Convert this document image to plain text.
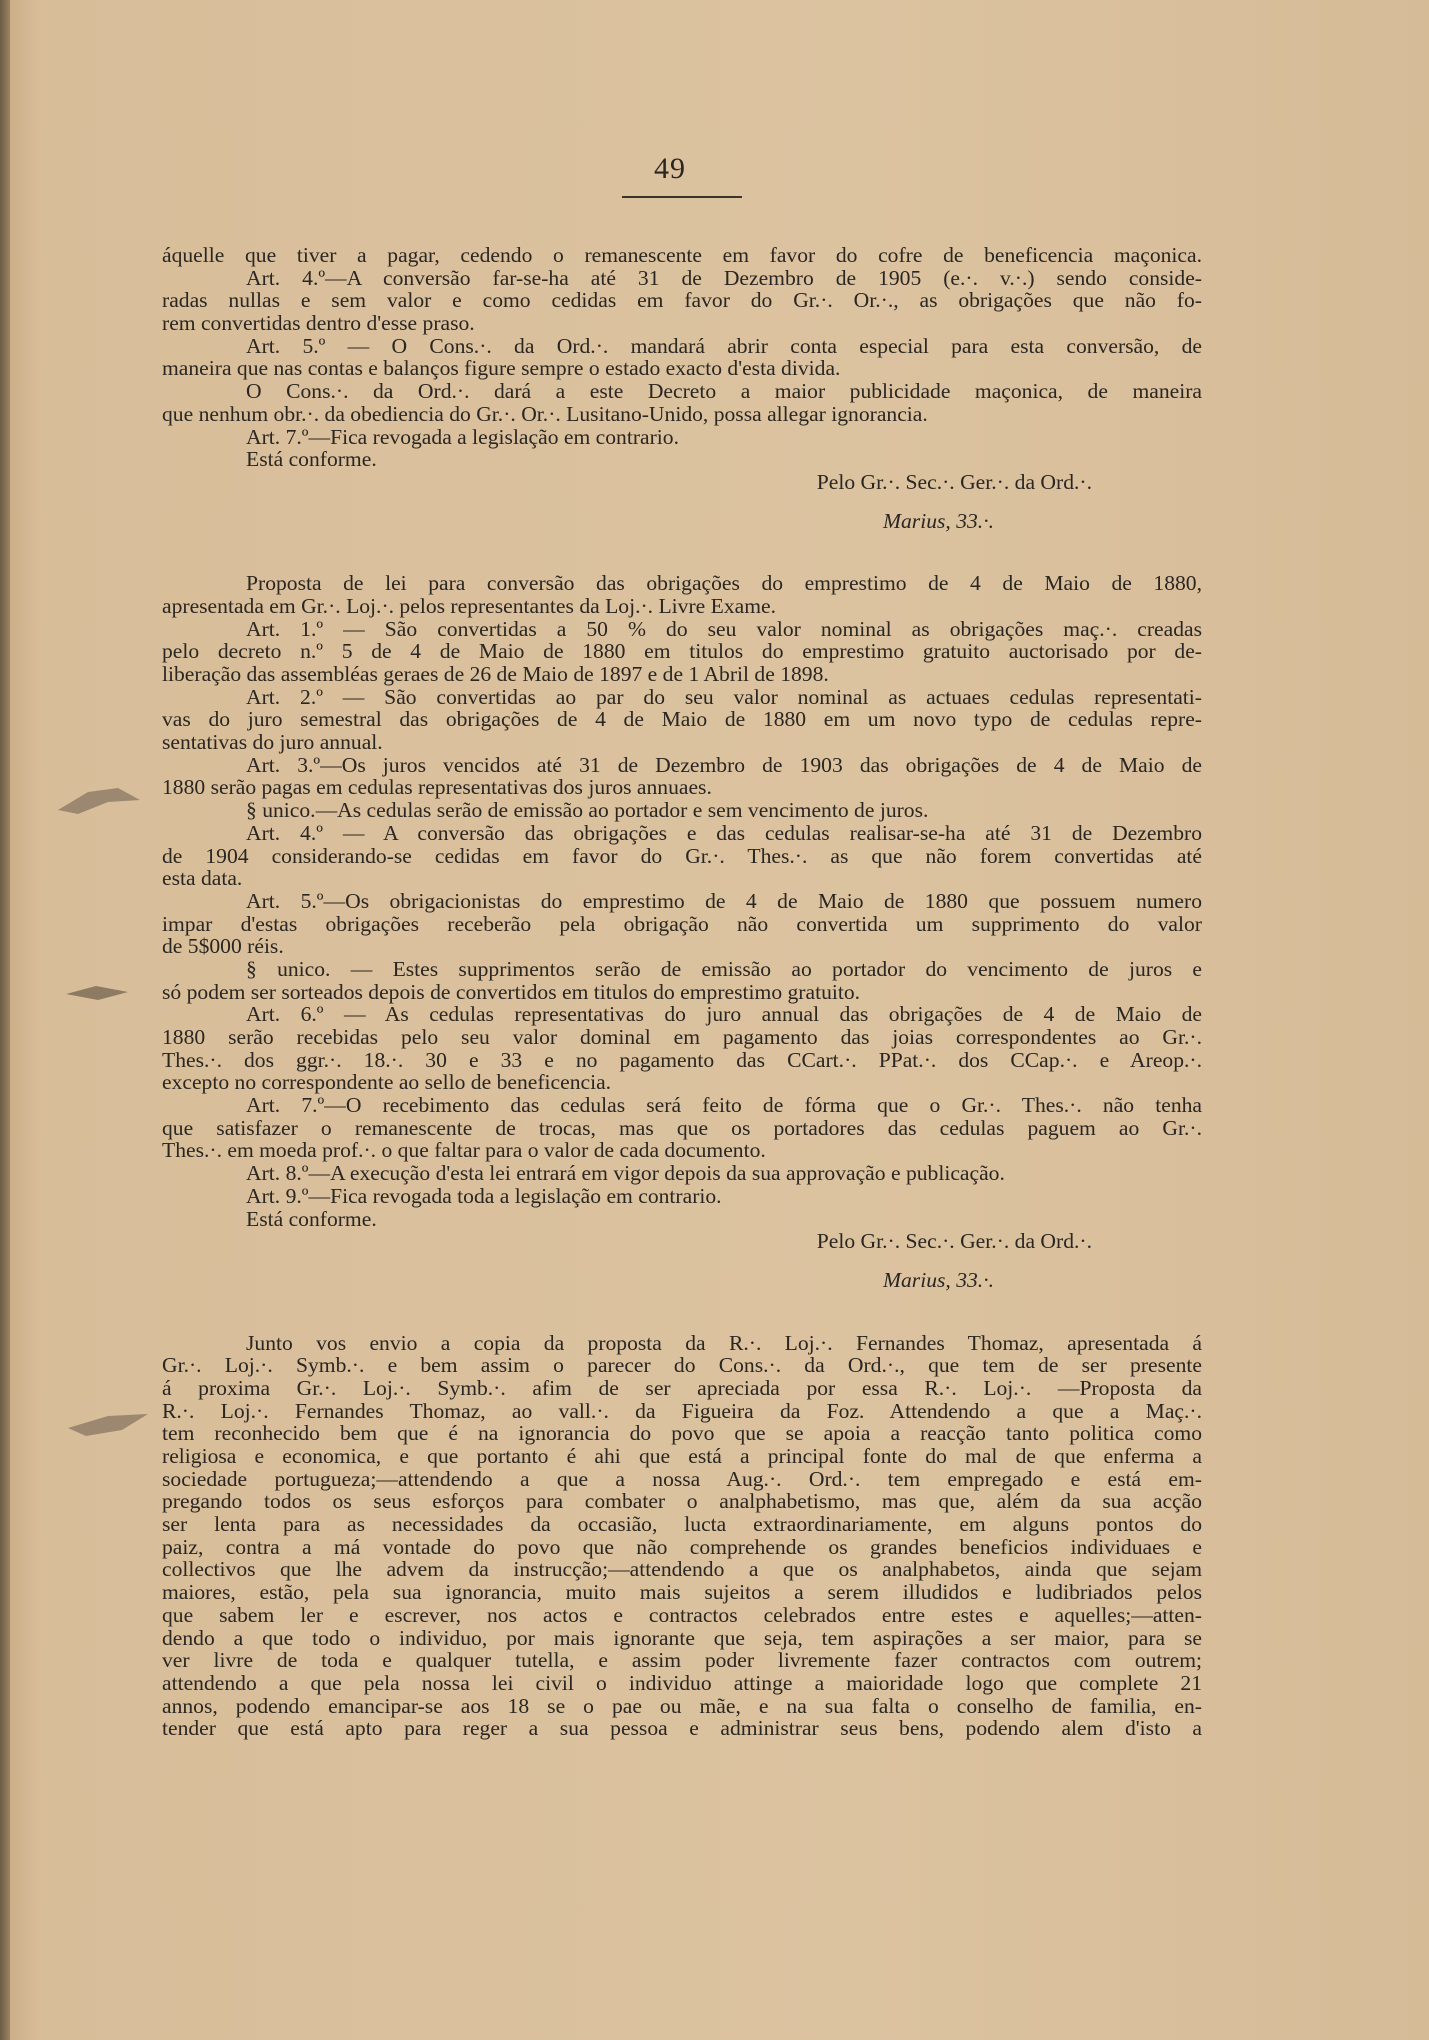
49
áquelle que tiver a pagar, cedendo o remanescente em favor do cofre de beneficencia maçonica.
Art. 4.º—A conversão far-se-ha até 31 de Dezembro de 1905 (e.·. v.·.) sendo conside-
radas nullas e sem valor e como cedidas em favor do Gr.·. Or.·., as obrigações que não fo-
rem convertidas dentro d'esse praso.
Art. 5.º — O Cons.·. da Ord.·. mandará abrir conta especial para esta conversão, de
maneira que nas contas e balanços figure sempre o estado exacto d'esta divida.
O Cons.·. da Ord.·. dará a este Decreto a maior publicidade maçonica, de maneira
que nenhum obr.·. da obediencia do Gr.·. Or.·. Lusitano-Unido, possa allegar ignorancia.
Art. 7.º—Fica revogada a legislação em contrario.
Está conforme.
Pelo Gr.·. Sec.·. Ger.·. da Ord.·.
Marius, 33.·.
Proposta de lei para conversão das obrigações do emprestimo de 4 de Maio de 1880,
apresentada em Gr.·. Loj.·. pelos representantes da Loj.·. Livre Exame.
Art. 1.º — São convertidas a 50 % do seu valor nominal as obrigações maç.·. creadas
pelo decreto n.º 5 de 4 de Maio de 1880 em titulos do emprestimo gratuito auctorisado por de-
liberação das assembléas geraes de 26 de Maio de 1897 e de 1 Abril de 1898.
Art. 2.º — São convertidas ao par do seu valor nominal as actuaes cedulas representati-
vas do juro semestral das obrigações de 4 de Maio de 1880 em um novo typo de cedulas repre-
sentativas do juro annual.
Art. 3.º—Os juros vencidos até 31 de Dezembro de 1903 das obrigações de 4 de Maio de
1880 serão pagas em cedulas representativas dos juros annuaes.
§ unico.—As cedulas serão de emissão ao portador e sem vencimento de juros.
Art. 4.º — A conversão das obrigações e das cedulas realisar-se-ha até 31 de Dezembro
de 1904 considerando-se cedidas em favor do Gr.·. Thes.·. as que não forem convertidas até
esta data.
Art. 5.º—Os obrigacionistas do emprestimo de 4 de Maio de 1880 que possuem numero
impar d'estas obrigações receberão pela obrigação não convertida um supprimento do valor
de 5$000 réis.
§ unico. — Estes supprimentos serão de emissão ao portador do vencimento de juros e
só podem ser sorteados depois de convertidos em titulos do emprestimo gratuito.
Art. 6.º — As cedulas representativas do juro annual das obrigações de 4 de Maio de
1880 serão recebidas pelo seu valor dominal em pagamento das joias correspondentes ao Gr.·.
Thes.·. dos ggr.·. 18.·. 30 e 33 e no pagamento das CCart.·. PPat.·. dos CCap.·. e Areop.·.
excepto no correspondente ao sello de beneficencia.
Art. 7.º—O recebimento das cedulas será feito de fórma que o Gr.·. Thes.·. não tenha
que satisfazer o remanescente de trocas, mas que os portadores das cedulas paguem ao Gr.·.
Thes.·. em moeda prof.·. o que faltar para o valor de cada documento.
Art. 8.º—A execução d'esta lei entrará em vigor depois da sua approvação e publicação.
Art. 9.º—Fica revogada toda a legislação em contrario.
Está conforme.
Pelo Gr.·. Sec.·. Ger.·. da Ord.·.
Marius, 33.·.
Junto vos envio a copia da proposta da R.·. Loj.·. Fernandes Thomaz, apresentada á
Gr.·. Loj.·. Symb.·. e bem assim o parecer do Cons.·. da Ord.·., que tem de ser presente
á proxima Gr.·. Loj.·. Symb.·. afim de ser apreciada por essa R.·. Loj.·. —Proposta da
R.·. Loj.·. Fernandes Thomaz, ao vall.·. da Figueira da Foz. Attendendo a que a Maç.·.
tem reconhecido bem que é na ignorancia do povo que se apoia a reacção tanto politica como
religiosa e economica, e que portanto é ahi que está a principal fonte do mal de que enferma a
sociedade portugueza;—attendendo a que a nossa Aug.·. Ord.·. tem empregado e está em-
pregando todos os seus esforços para combater o analphabetismo, mas que, além da sua acção
ser lenta para as necessidades da occasião, lucta extraordinariamente, em alguns pontos do
paiz, contra a má vontade do povo que não comprehende os grandes beneficios individuaes e
collectivos que lhe advem da instrucção;—attendendo a que os analphabetos, ainda que sejam
maiores, estão, pela sua ignorancia, muito mais sujeitos a serem illudidos e ludibriados pelos
que sabem ler e escrever, nos actos e contractos celebrados entre estes e aquelles;—atten-
dendo a que todo o individuo, por mais ignorante que seja, tem aspirações a ser maior, para se
ver livre de toda e qualquer tutella, e assim poder livremente fazer contractos com outrem;
attendendo a que pela nossa lei civil o individuo attinge a maioridade logo que complete 21
annos, podendo emancipar-se aos 18 se o pae ou mãe, e na sua falta o conselho de familia, en-
tender que está apto para reger a sua pessoa e administrar seus bens, podendo alem d'isto a
